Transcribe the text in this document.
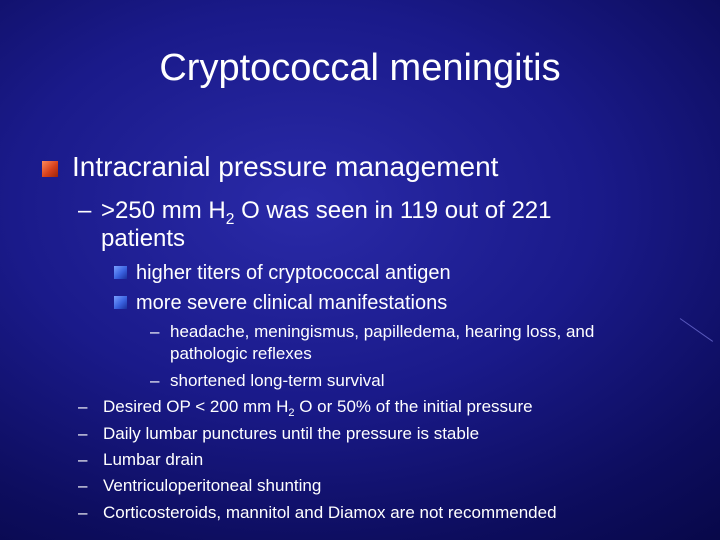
Cryptococcal meningitis
Intracranial pressure management
– >250 mm $H_2$ O was seen in 119 out of 221
patients
higher titers of cryptococcal antigen
more severe clinical manifestations
– headache, meningismus, papilledema, hearing loss, and
pathologic reflexes
– shortened long-term survival
– Desired OP < 200 mm $H_2$ O or 50% of the initial pressure
– Daily lumbar punctures until the pressure is stable
– Lumbar drain
– Ventriculoperitoneal shunting
– Corticosteroids, mannitol and Diamox are not recommended
